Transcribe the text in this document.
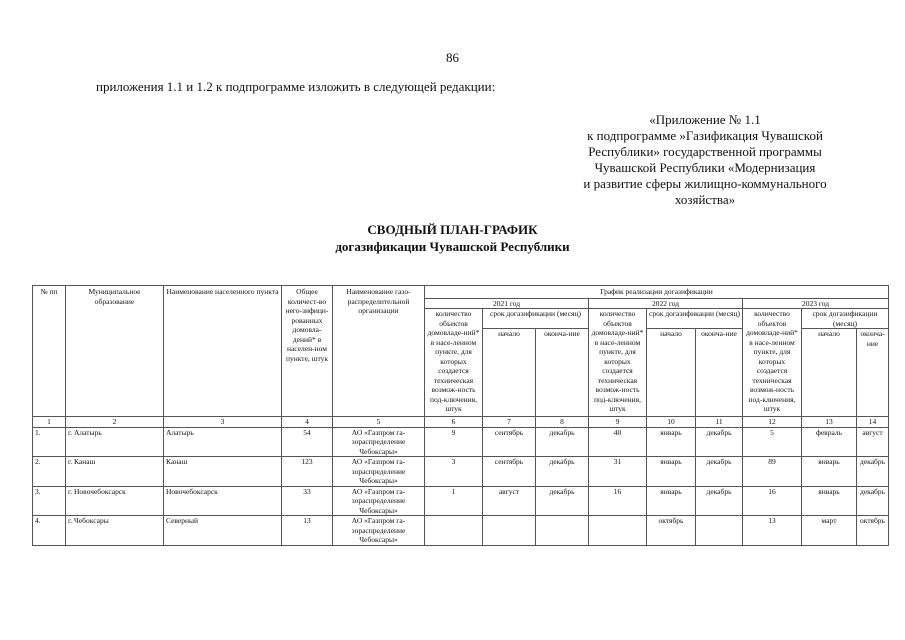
86
приложения 1.1 и 1.2 к подпрограмме изложить в следующей редакции:
«Приложение № 1.1
к подпрограмме »Газификация Чувашской
Республики» государственной программы
Чувашской Республики «Модернизация
и развитие сферы жилищно-коммунального
хозяйства»
СВОДНЫЙ ПЛАН-ГРАФИК
догазификации Чувашской Республики
№ пп	Муниципальное образование	Наименование населенного пункта	Общее количест-во него-зифици-рованных домовла-дений* в населен-ном пункте, штук	Наименование газо-распределительной организации	График реализации догазификации								
					2021 год			2022 год			2023 год		
					количество объектов домовладе-ний* в насе-ленном пункте, для которых создается техническая возмож-ность под-ключения, штук	срок догазификации (месяц)		количество объектов домовладе-ний* в насе-ленном пункте, для которых создается техническая возмож-ность под-ключения, штук	срок догазификации (месяц)		количество объектов домовладе-ний* в насе-ленном пункте, для которых создается техническая возмож-ность под-ключения, штук	срок догазификации (месяц)	
						начало	оконча-ние		начало	оконча-ние		начало	оконча-ние
1	2	3	4	5	6	7	8	9	10	11	12	13	14
1.	г. Алатырь	Алатырь	54	АО «Газпром га-зораспределение Чебоксары»	9	сентябрь	декабрь	40	январь	декабрь	5	февраль	август
2.	г. Канаш	Канаш	123	АО «Газпром га-зораспределение Чебоксары»	3	сентябрь	декабрь	31	январь	декабрь	89	январь	декабрь
3.	г. Новочебоксарск	Новочебоксарск	33	АО «Газпром га-зораспределение Чебоксары»	1	август	декабрь	16	январь	декабрь	16	январь	декабрь
4.	г. Чебоксары	Северный	13	АО «Газпром га-зораспределение Чебоксары»					октябрь		13	март	октябрь
